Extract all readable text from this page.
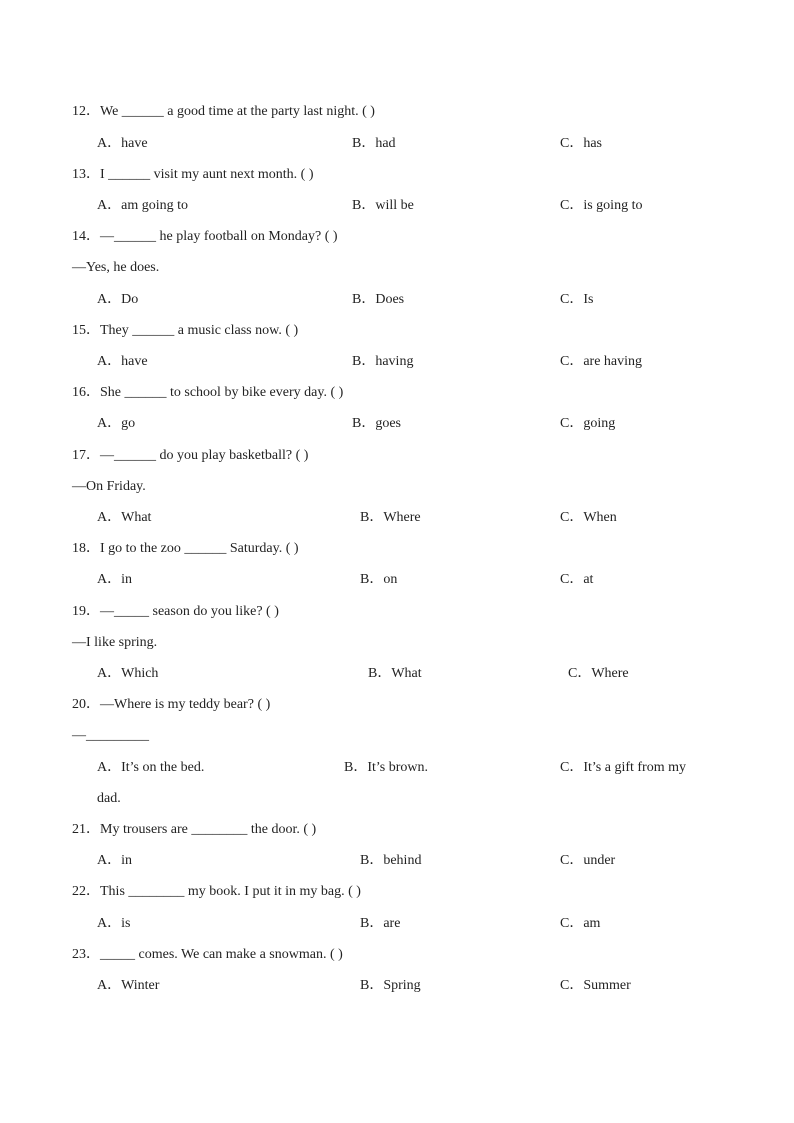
12．We ______ a good time at the party last night. ( )
A．have	B．had	C．has
13．I ______ visit my aunt next month. ( )
A．am going to	B．will be	C．is going to
14．—______ he play football on Monday? ( )
—Yes, he does.
A．Do	B．Does	C．Is
15．They ______ a music class now. ( )
A．have	B．having	C．are having
16．She ______ to school by bike every day. ( )
A．go	B．goes	C．going
17．—______ do you play basketball? ( )
—On Friday.
A．What	B．Where	C．When
18．I go to the zoo ______ Saturday. ( )
A．in	B．on	C．at
19．—_____ season do you like? ( )
—I like spring.
A．Which	B．What	C．Where
20．—Where is my teddy bear? ( )
—_________
A．It’s on the bed.	B．It’s brown.	C．It’s a gift from my
dad.
21．My trousers are ________ the door. ( )
A．in	B．behind	C．under
22．This ________ my book. I put it in my bag. ( )
A．is	B．are	C．am
23．_____ comes. We can make a snowman. ( )
A．Winter	B．Spring	C．Summer
